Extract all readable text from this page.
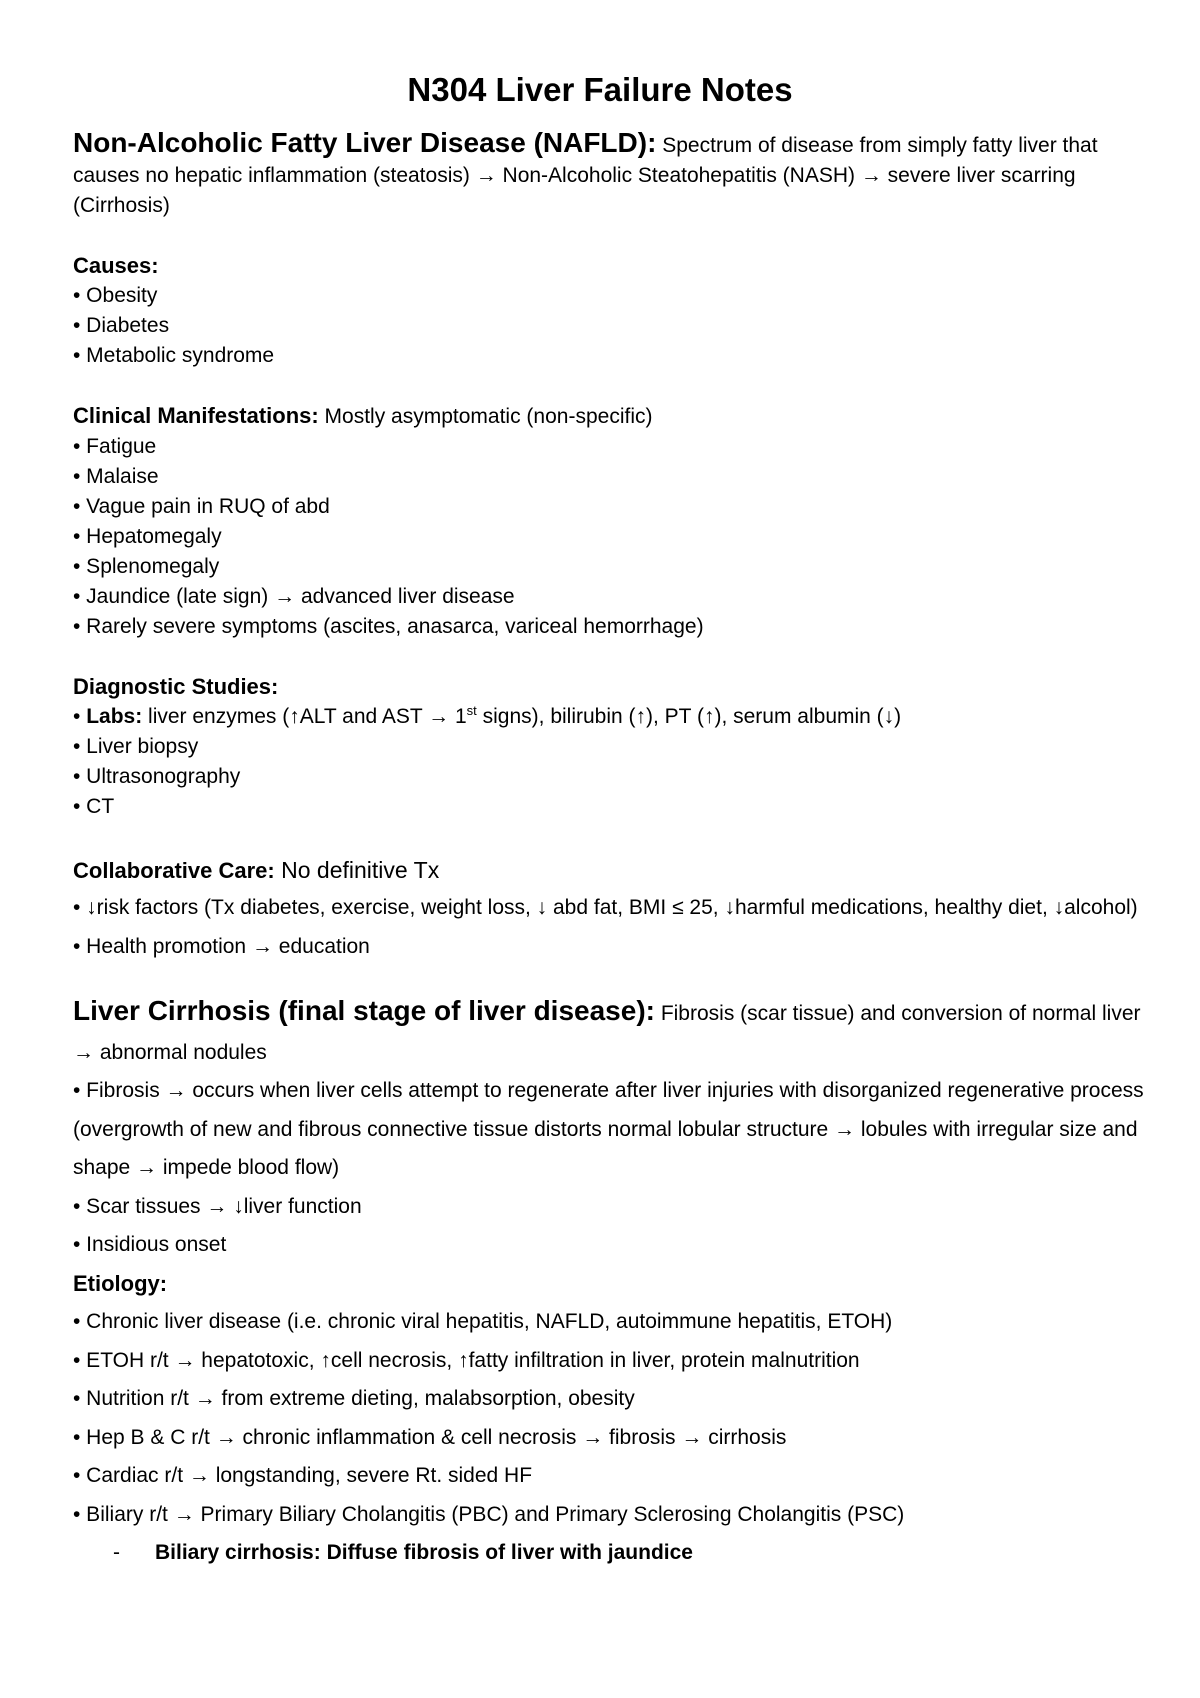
N304 Liver Failure Notes

Non-Alcoholic Fatty Liver Disease (NAFLD): Spectrum of disease from simply fatty liver that causes no hepatic inflammation (steatosis) → Non-Alcoholic Steatohepatitis (NASH) → severe liver scarring (Cirrhosis)

Causes:

• Obesity

• Diabetes

• Metabolic syndrome

Clinical Manifestations: Mostly asymptomatic (non-specific)

• Fatigue

• Malaise

• Vague pain in RUQ of abd

• Hepatomegaly

• Splenomegaly

• Jaundice (late sign) → advanced liver disease

• Rarely severe symptoms (ascites, anasarca, variceal hemorrhage)

Diagnostic Studies:

• Labs: liver enzymes (↑ALT and AST → 1st signs), bilirubin (↑), PT (↑), serum albumin (↓)

• Liver biopsy

• Ultrasonography

• CT

Collaborative Care: No definitive Tx

• ↓risk factors (Tx diabetes, exercise, weight loss, ↓ abd fat, BMI ≤ 25, ↓harmful medications, healthy diet, ↓alcohol)

• Health promotion → education

Liver Cirrhosis (final stage of liver disease): Fibrosis (scar tissue) and conversion of normal liver → abnormal nodules

• Fibrosis → occurs when liver cells attempt to regenerate after liver injuries with disorganized regenerative process (overgrowth of new and fibrous connective tissue distorts normal lobular structure → lobules with irregular size and shape → impede blood flow)

• Scar tissues → ↓liver function

• Insidious onset

Etiology:

• Chronic liver disease (i.e. chronic viral hepatitis, NAFLD, autoimmune hepatitis, ETOH)

• ETOH r/t → hepatotoxic, ↑cell necrosis, ↑fatty infiltration in liver, protein malnutrition

• Nutrition r/t → from extreme dieting, malabsorption, obesity

• Hep B & C r/t → chronic inflammation & cell necrosis → fibrosis → cirrhosis

• Cardiac r/t → longstanding, severe Rt. sided HF

• Biliary r/t → Primary Biliary Cholangitis (PBC) and Primary Sclerosing Cholangitis (PSC)

- Biliary cirrhosis: Diffuse fibrosis of liver with jaundice
